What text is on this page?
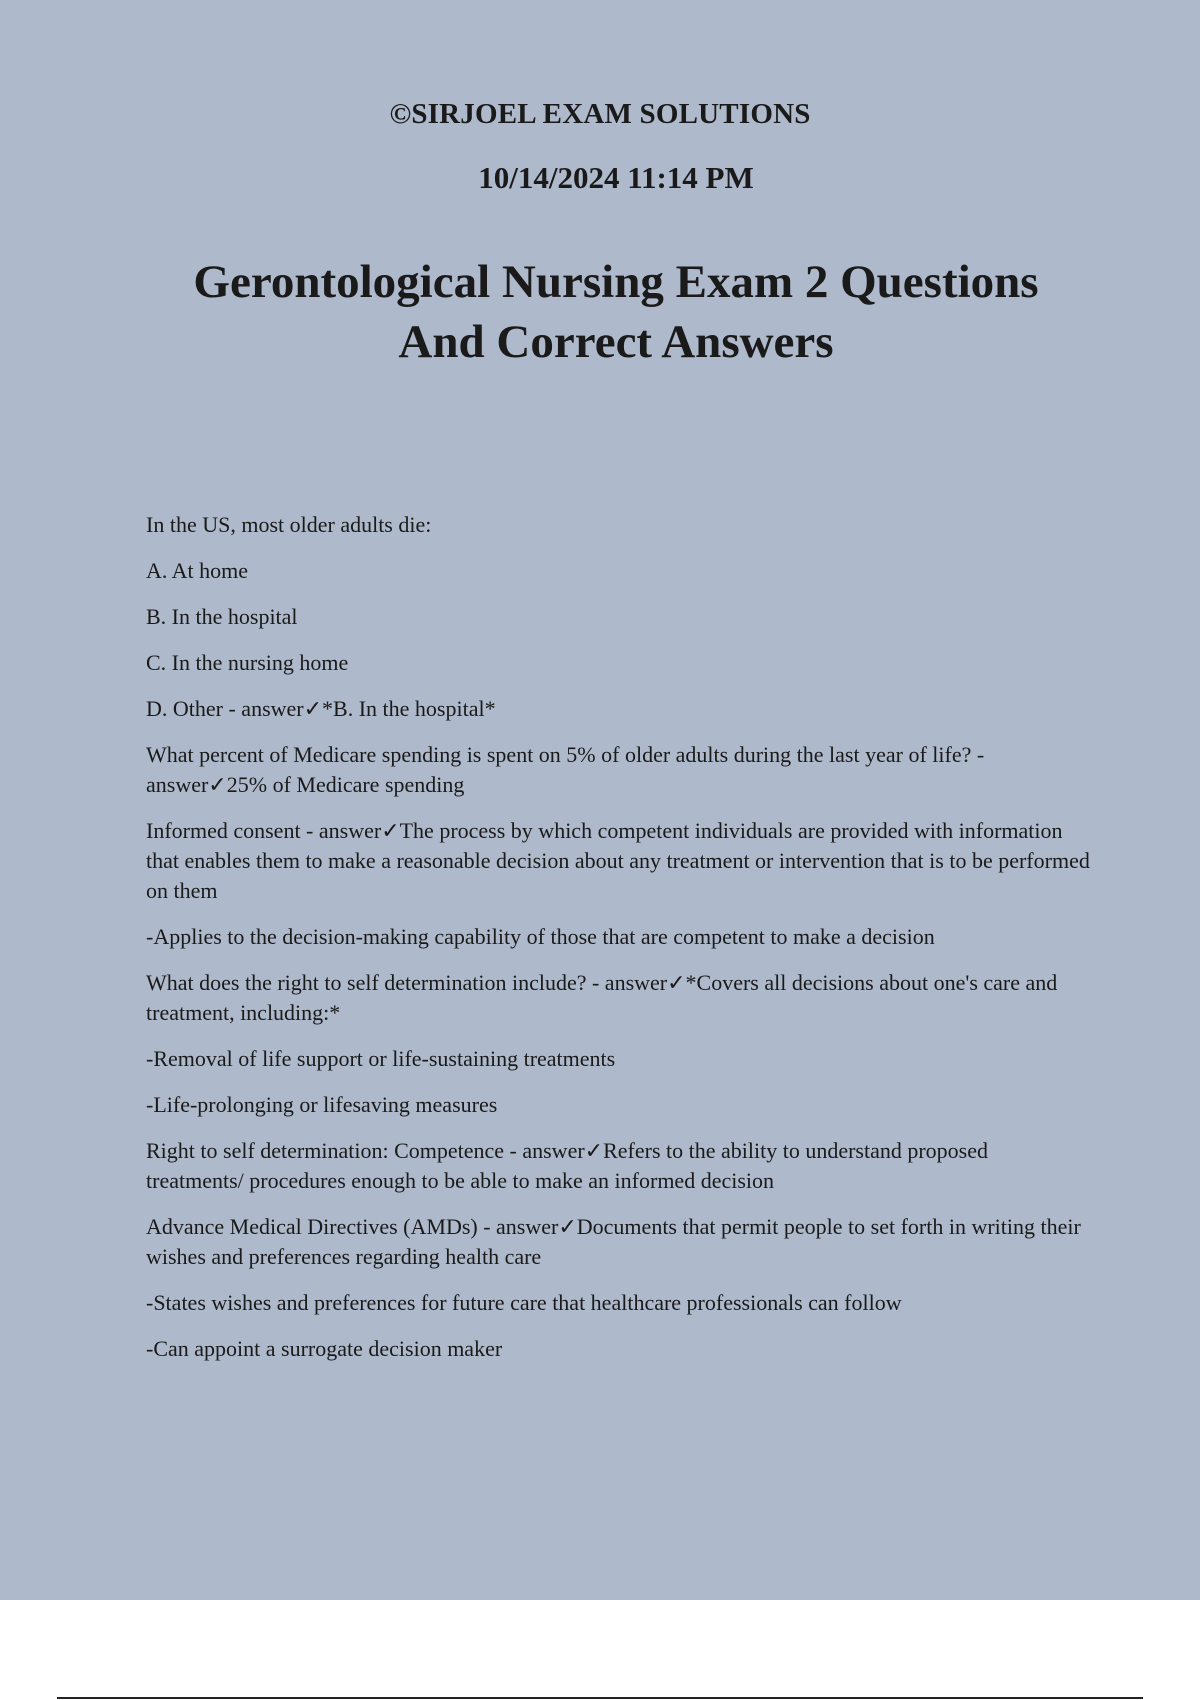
©SIRJOEL EXAM SOLUTIONS
10/14/2024 11:14 PM
Gerontological Nursing Exam 2 Questions And Correct Answers

In the US, most older adults die:

A. At home

B. In the hospital

C. In the nursing home

D. Other - answer✓*B. In the hospital*

What percent of Medicare spending is spent on 5% of older adults during the last year of life? - answer✓25% of Medicare spending

Informed consent - answer✓The process by which competent individuals are provided with information that enables them to make a reasonable decision about any treatment or intervention that is to be performed on them

-Applies to the decision-making capability of those that are competent to make a decision

What does the right to self determination include? - answer✓*Covers all decisions about one's care and treatment, including:*

-Removal of life support or life-sustaining treatments

-Life-prolonging or lifesaving measures

Right to self determination: Competence - answer✓Refers to the ability to understand proposed treatments/ procedures enough to be able to make an informed decision

Advance Medical Directives (AMDs) - answer✓Documents that permit people to set forth in writing their wishes and preferences regarding health care

-States wishes and preferences for future care that healthcare professionals can follow

-Can appoint a surrogate decision maker
